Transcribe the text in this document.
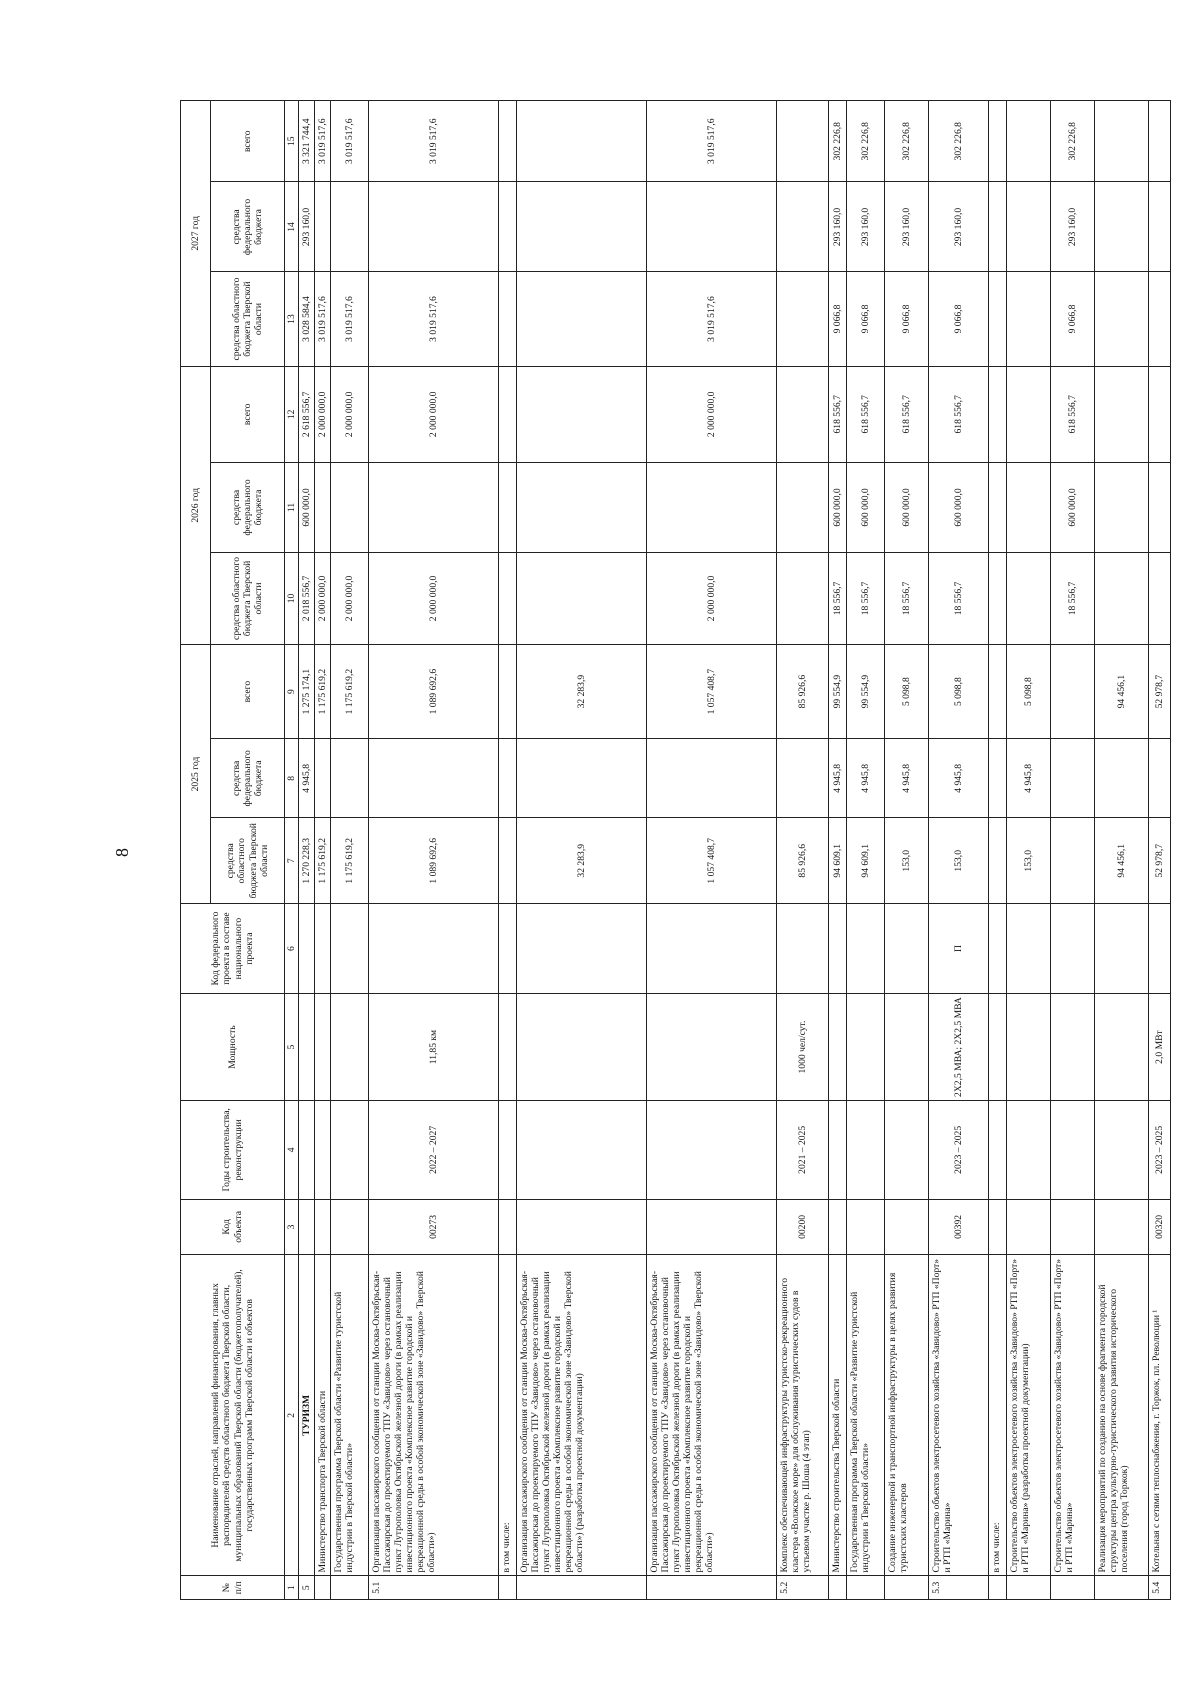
8
№ п/п	Наименование отраслей, направлений финансирования, главных распорядителей средств областного бюджета Тверской области, муниципальных образований Тверской области (бюджетополучателей), государственных программ Тверской области и объектов	Код объекта	Годы строительства, реконструкции	Мощность	Код федерального проекта в составе национального проекта	2025 год			2026 год			2027 год		
						средства областного бюджета Тверской области	средства федерального бюджета	всего	средства областного бюджета Тверской области	средства федерального бюджета	всего	средства областного бюджета Тверской области	средства федерального бюджета	всего
1	2	3	4	5	6	7	8	9	10	11	12	13	14	15
5	ТУРИЗМ					1 270 228,3	4 945,8	1 275 174,1	2 018 556,7	600 000,0	2 618 556,7	3 028 584,4	293 160,0	3 321 744,4
	Министерство транспорта Тверской области					1 175 619,2		1 175 619,2	2 000 000,0		2 000 000,0	3 019 517,6		3 019 517,6
	Государственная программа Тверской области «Развитие туристской индустрии в Тверской области»					1 175 619,2		1 175 619,2	2 000 000,0		2 000 000,0	3 019 517,6		3 019 517,6
5.1	Организация пассажирского сообщения от станции Москва-Октябрьская-Пассажирская до проектируемого ТПУ «Завидово» через остановочный пункт Лутрополовка Октябрьской железной дороги (в рамках реализации инвестиционного проекта «Комплексное развитие городской и рекреационной среды в особой экономической зоне «Завидово» Тверской области»)	00273	2022 – 2027	11,85 км		1 089 692,6		1 089 692,6	2 000 000,0		2 000 000,0	3 019 517,6		3 019 517,6
	в том числе:													
	Организация пассажирского сообщения от станции Москва-Октябрьская-Пассажирская до проектируемого ТПУ «Завидово» через остановочный пункт Лутрополовка Октябрьской железной дороги (в рамках реализации инвестиционного проекта «Комплексное развитие городской и рекреационной среды в особой экономической зоне «Завидово» Тверской области») (разработка проектной документации)					32 283,9		32 283,9						
	Организация пассажирского сообщения от станции Москва-Октябрьская-Пассажирская до проектируемого ТПУ «Завидово» через остановочный пункт Лутрополовка Октябрьской железной дороги (в рамках реализации инвестиционного проекта «Комплексное развитие городской и рекреационной среды в особой экономической зоне «Завидово» Тверской области»)					1 057 408,7		1 057 408,7	2 000 000,0		2 000 000,0	3 019 517,6		3 019 517,6
5.2	Комплекс обеспечивающей инфраструктуры туристско-рекреационного кластера «Волжское море» для обслуживания туристических судов в устьевом участке р. Шоша (4 этап)	00200	2021 – 2025	1000 чел/сут.		85 926,6		85 926,6						
	Министерство строительства Тверской области					94 609,1	4 945,8	99 554,9	18 556,7	600 000,0	618 556,7	9 066,8	293 160,0	302 226,8
	Государственная программа Тверской области «Развитие туристской индустрии в Тверской области»					94 609,1	4 945,8	99 554,9	18 556,7	600 000,0	618 556,7	9 066,8	293 160,0	302 226,8
	Создание инженерной и транспортной инфраструктуры в целях развития туристских кластеров					153,0	4 945,8	5 098,8	18 556,7	600 000,0	618 556,7	9 066,8	293 160,0	302 226,8
5.3	Строительство объектов электросетевого хозяйства «Завидово» РТП «Порт» и РТП «Марина»	00392	2023 – 2025	2Х2,5 МВА; 2Х2,5 МВА	П	153,0	4 945,8	5 098,8	18 556,7	600 000,0	618 556,7	9 066,8	293 160,0	302 226,8
	в том числе:													
	Строительство объектов электросетевого хозяйства «Завидово» РТП «Порт» и РТП «Марина» (разработка проектной документации)					153,0	4 945,8	5 098,8						
	Строительство объектов электросетевого хозяйства «Завидово» РТП «Порт» и РТП «Марина»								18 556,7	600 000,0	618 556,7	9 066,8	293 160,0	302 226,8
	Реализация мероприятий по созданию на основе фрагмента городской структуры центра культурно-туристического развития исторического поселения (город Торжок)					94 456,1		94 456,1						
5.4	Котельная с сетями теплоснабжения, г. Торжок, пл. Революции ¹	00320	2023 – 2025	2,0 МВт		52 978,7		52 978,7						
